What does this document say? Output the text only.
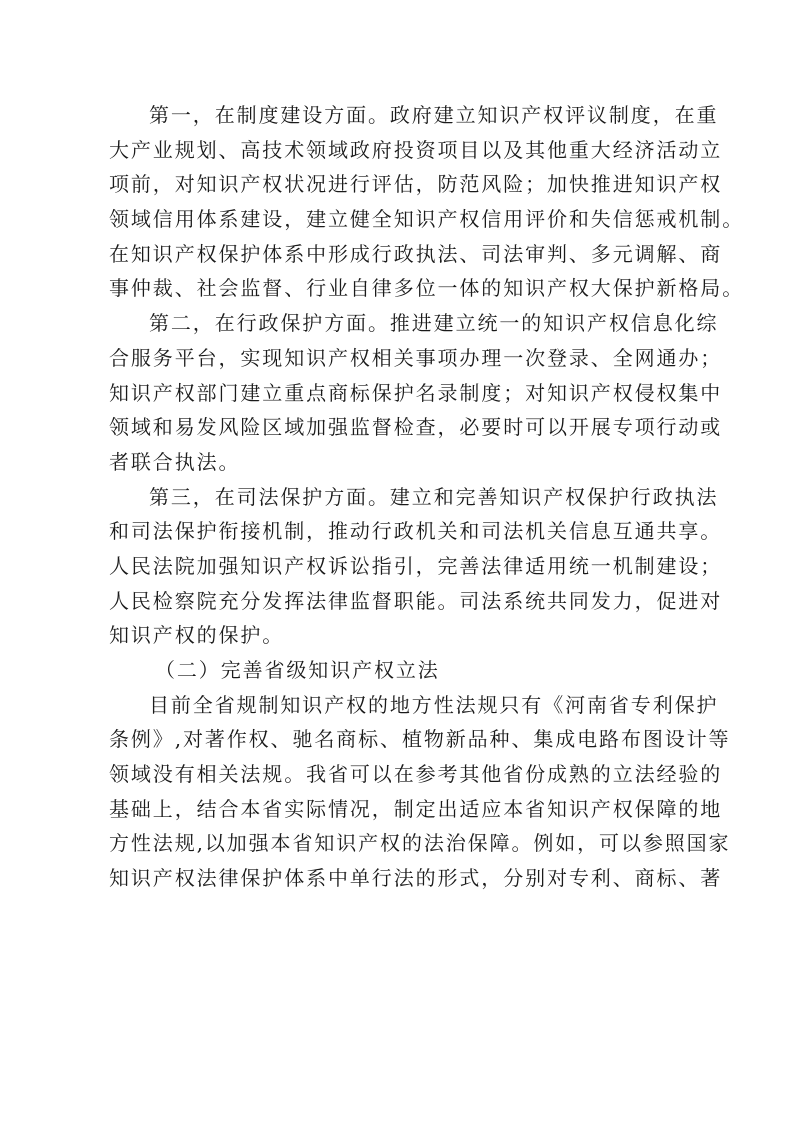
第一，在制度建设方面。政府建立知识产权评议制度，在重
大产业规划、高技术领域政府投资项目以及其他重大经济活动立
项前，对知识产权状况进行评估，防范风险；加快推进知识产权
领域信用体系建设，建立健全知识产权信用评价和失信惩戒机制。
在知识产权保护体系中形成行政执法、司法审判、多元调解、商
事仲裁、社会监督、行业自律多位一体的知识产权大保护新格局。
第二，在行政保护方面。推进建立统一的知识产权信息化综
合服务平台，实现知识产权相关事项办理一次登录、全网通办；
知识产权部门建立重点商标保护名录制度；对知识产权侵权集中
领域和易发风险区域加强监督检查，必要时可以开展专项行动或
者联合执法。
第三，在司法保护方面。建立和完善知识产权保护行政执法
和司法保护衔接机制，推动行政机关和司法机关信息互通共享。
人民法院加强知识产权诉讼指引，完善法律适用统一机制建设；
人民检察院充分发挥法律监督职能。司法系统共同发力，促进对
知识产权的保护。
（二）完善省级知识产权立法
目前全省规制知识产权的地方性法规只有《河南省专利保护
条例》,对著作权、驰名商标、植物新品种、集成电路布图设计等
领域没有相关法规。我省可以在参考其他省份成熟的立法经验的
基础上，结合本省实际情况，制定出适应本省知识产权保障的地
方性法规,以加强本省知识产权的法治保障。例如，可以参照国家
知识产权法律保护体系中单行法的形式，分别对专利、商标、著
